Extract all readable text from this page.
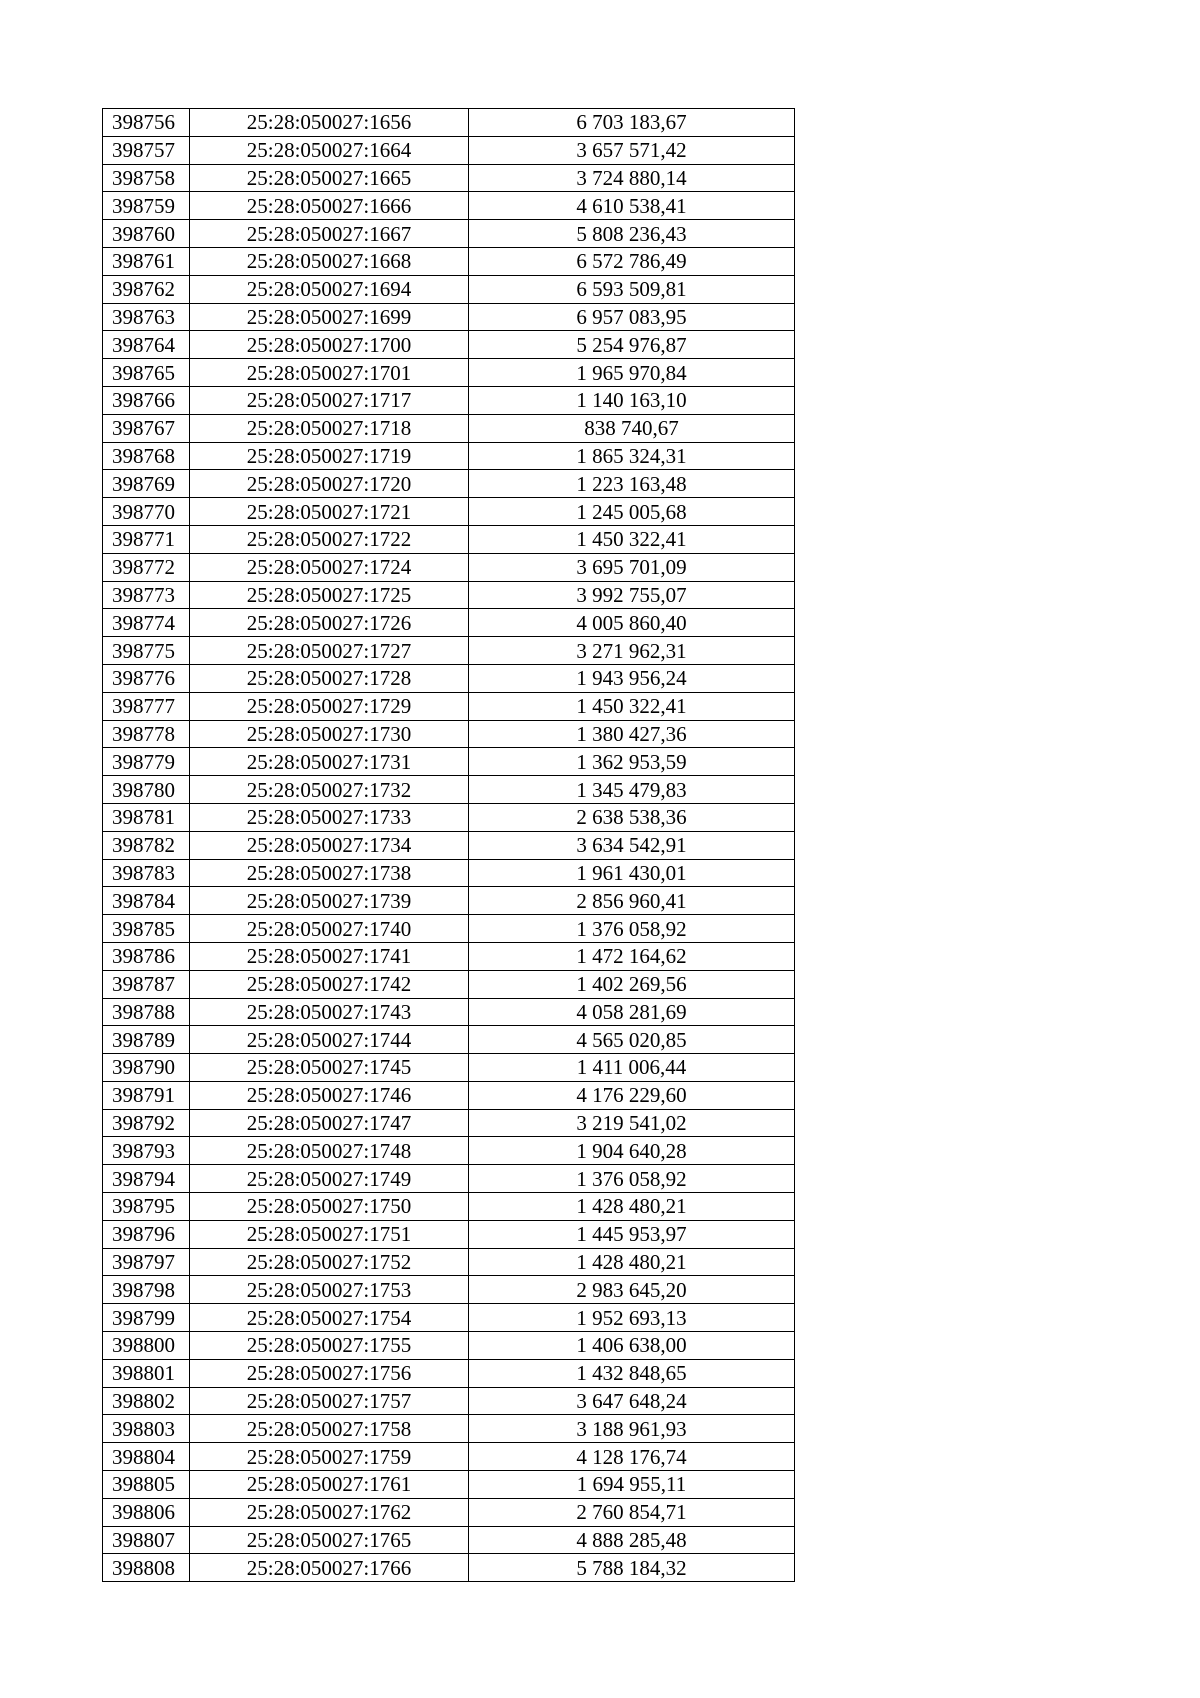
398756	25:28:050027:1656	6 703 183,67
398757	25:28:050027:1664	3 657 571,42
398758	25:28:050027:1665	3 724 880,14
398759	25:28:050027:1666	4 610 538,41
398760	25:28:050027:1667	5 808 236,43
398761	25:28:050027:1668	6 572 786,49
398762	25:28:050027:1694	6 593 509,81
398763	25:28:050027:1699	6 957 083,95
398764	25:28:050027:1700	5 254 976,87
398765	25:28:050027:1701	1 965 970,84
398766	25:28:050027:1717	1 140 163,10
398767	25:28:050027:1718	838 740,67
398768	25:28:050027:1719	1 865 324,31
398769	25:28:050027:1720	1 223 163,48
398770	25:28:050027:1721	1 245 005,68
398771	25:28:050027:1722	1 450 322,41
398772	25:28:050027:1724	3 695 701,09
398773	25:28:050027:1725	3 992 755,07
398774	25:28:050027:1726	4 005 860,40
398775	25:28:050027:1727	3 271 962,31
398776	25:28:050027:1728	1 943 956,24
398777	25:28:050027:1729	1 450 322,41
398778	25:28:050027:1730	1 380 427,36
398779	25:28:050027:1731	1 362 953,59
398780	25:28:050027:1732	1 345 479,83
398781	25:28:050027:1733	2 638 538,36
398782	25:28:050027:1734	3 634 542,91
398783	25:28:050027:1738	1 961 430,01
398784	25:28:050027:1739	2 856 960,41
398785	25:28:050027:1740	1 376 058,92
398786	25:28:050027:1741	1 472 164,62
398787	25:28:050027:1742	1 402 269,56
398788	25:28:050027:1743	4 058 281,69
398789	25:28:050027:1744	4 565 020,85
398790	25:28:050027:1745	1 411 006,44
398791	25:28:050027:1746	4 176 229,60
398792	25:28:050027:1747	3 219 541,02
398793	25:28:050027:1748	1 904 640,28
398794	25:28:050027:1749	1 376 058,92
398795	25:28:050027:1750	1 428 480,21
398796	25:28:050027:1751	1 445 953,97
398797	25:28:050027:1752	1 428 480,21
398798	25:28:050027:1753	2 983 645,20
398799	25:28:050027:1754	1 952 693,13
398800	25:28:050027:1755	1 406 638,00
398801	25:28:050027:1756	1 432 848,65
398802	25:28:050027:1757	3 647 648,24
398803	25:28:050027:1758	3 188 961,93
398804	25:28:050027:1759	4 128 176,74
398805	25:28:050027:1761	1 694 955,11
398806	25:28:050027:1762	2 760 854,71
398807	25:28:050027:1765	4 888 285,48
398808	25:28:050027:1766	5 788 184,32
